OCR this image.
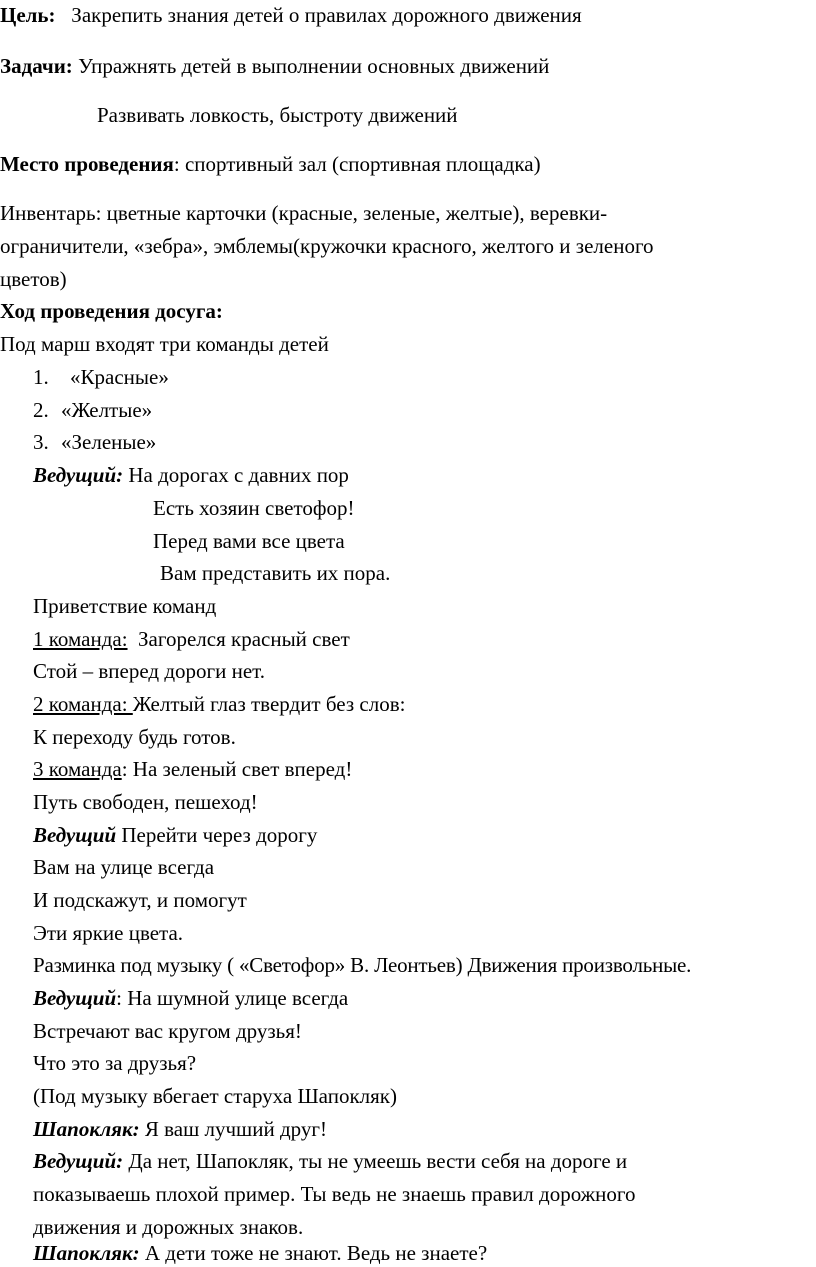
Цель: Закрепить знания детей о правилах дорожного движения
Задачи: Упражнять детей в выполнении основных движений
Развивать ловкость, быстроту движений
Место проведения: спортивный зал (спортивная площадка)
Инвентарь: цветные карточки (красные, зеленые, желтые), веревки-
ограничители, «зебра», эмблемы(кружочки красного, желтого и зеленого
цветов)
Ход проведения досуга:
Под марш входят три команды детей
1. «Красные»
2. «Желтые»
3. «Зеленые»
Ведущий: На дорогах с давних пор
Есть хозяин светофор!
Перед вами все цвета
Вам представить их пора.
Приветствие команд
1 команда: Загорелся красный свет
Стой – вперед дороги нет.
2 команда: Желтый глаз твердит без слов:
К переходу будь готов.
3 команда: На зеленый свет вперед!
Путь свободен, пешеход!
Ведущий Перейти через дорогу
Вам на улице всегда
И подскажут, и помогут
Эти яркие цвета.
Разминка под музыку ( «Светофор» В. Леонтьев) Движения произвольные.
Ведущий: На шумной улице всегда
Встречают вас кругом друзья!
Что это за друзья?
(Под музыку вбегает старуха Шапокляк)
Шапокляк: Я ваш лучший друг!
Ведущий: Да нет, Шапокляк, ты не умеешь вести себя на дороге и
показываешь плохой пример. Ты ведь не знаешь правил дорожного
движения и дорожных знаков.
Шапокляк: А дети тоже не знают. Ведь не знаете?
